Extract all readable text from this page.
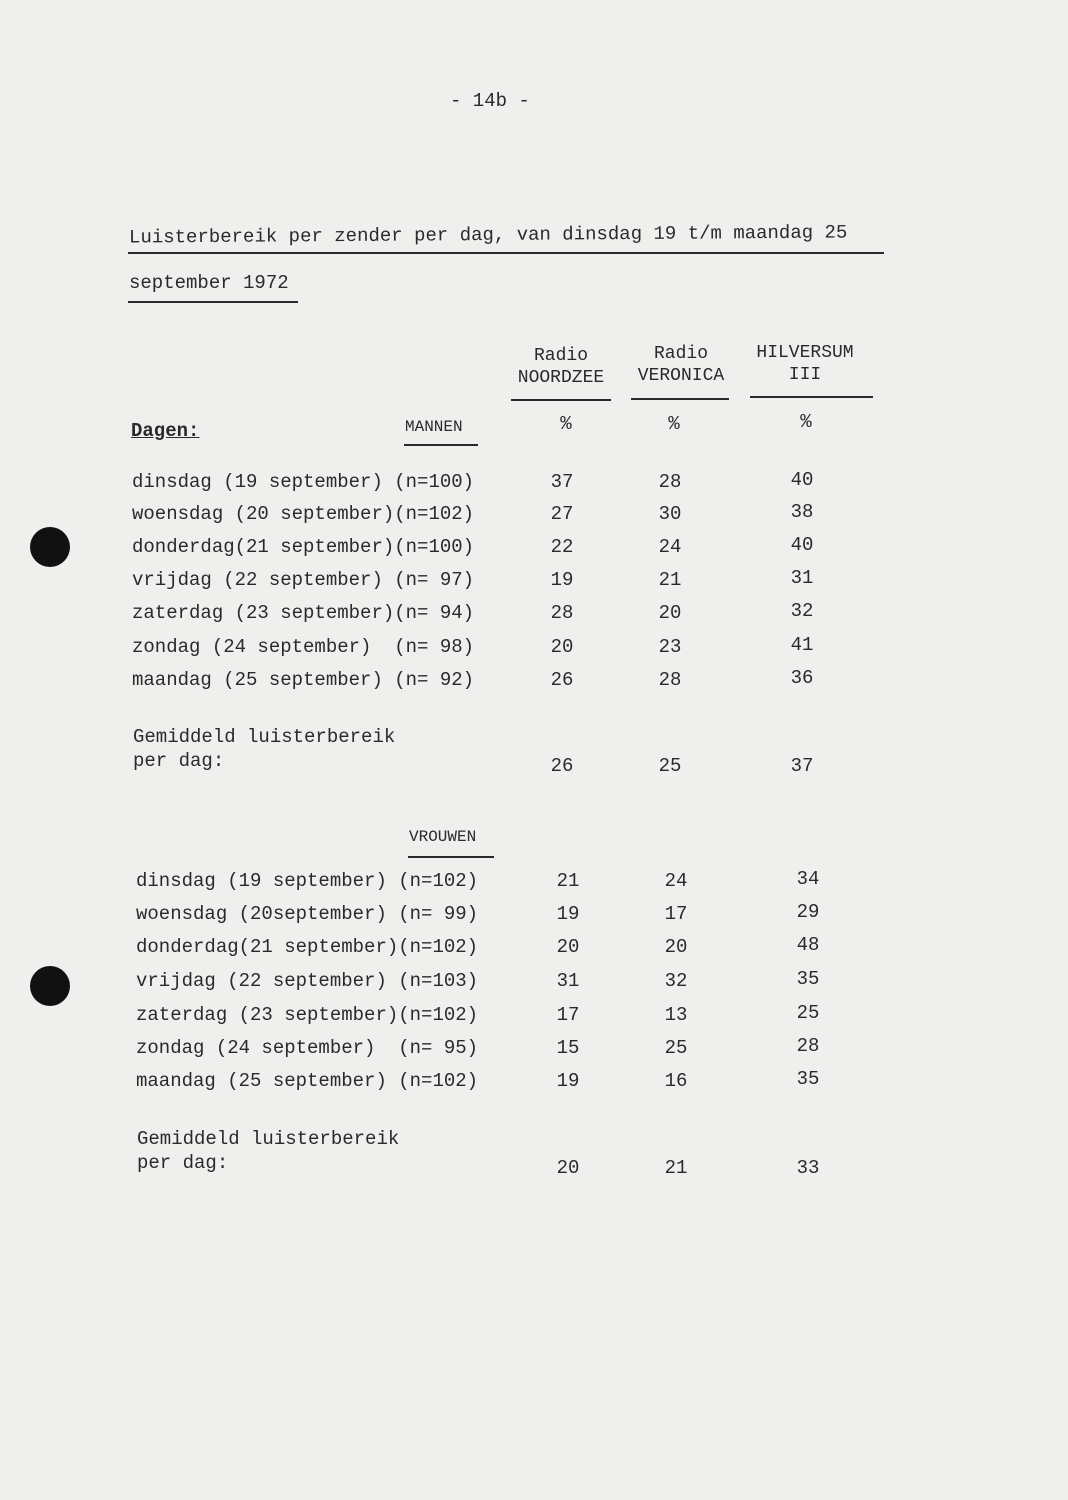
- 14b -
Luisterbereik per zender per dag, van dinsdag 19 t/m maandag 25
september 1972
Radio
NOORDZEE
Radio
VERONICA
HILVERSUM
III
%	%	%
Dagen:	MANNEN
dinsdag (19 september) (n=100)	37	28	40
woensdag (20 september)(n=102)	27	30	38
donderdag(21 september)(n=100)	22	24	40
vrijdag (22 september) (n= 97)	19	21	31
zaterdag (23 september)(n= 94)	28	20	32
zondag (24 september)  (n= 98)	20	23	41
maandag (25 september) (n= 92)	26	28	36
Gemiddeld luisterbereik
per dag:	26	25	37
VROUWEN
dinsdag (19 september) (n=102)	21	24	34
woensdag (20september) (n= 99)	19	17	29
donderdag(21 september)(n=102)	20	20	48
vrijdag (22 september) (n=103)	31	32	35
zaterdag (23 september)(n=102)	17	13	25
zondag (24 september)  (n= 95)	15	25	28
maandag (25 september) (n=102)	19	16	35
Gemiddeld luisterbereik
per dag:	20	21	33
